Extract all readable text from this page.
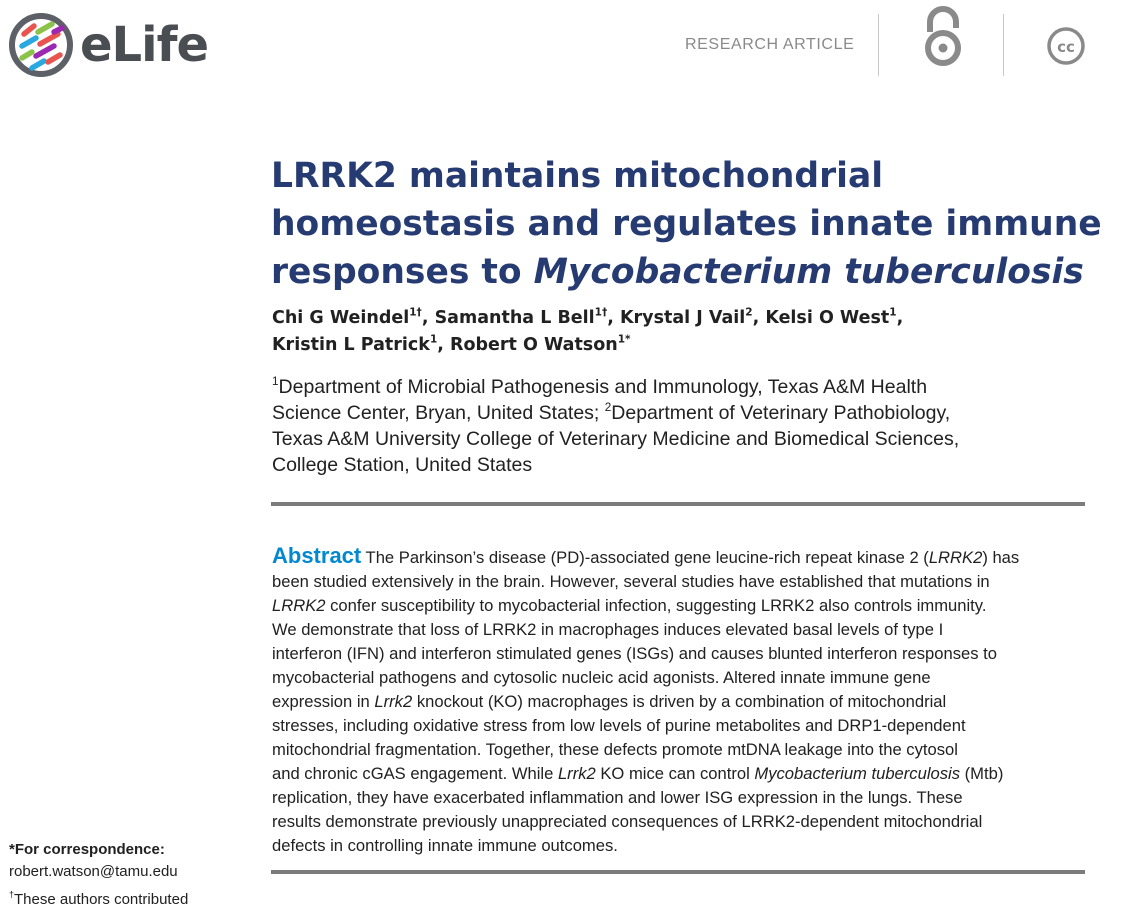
eLife	RESEARCH ARTICLE	cc
LRRK2 maintains mitochondrial
homeostasis and regulates innate immune
responses to Mycobacterium tuberculosis
Chi G Weindel$^{1\dagger}$, Samantha L Bell$^{1\dagger}$, Krystal J Vail$^2$, Kelsi O West$^1$,
Kristin L Patrick$^1$, Robert O Watson$^{1*}$
$^1$Department of Microbial Pathogenesis and Immunology, Texas A&M Health
Science Center, Bryan, United States; $^2$Department of Veterinary Pathobiology,
Texas A&M University College of Veterinary Medicine and Biomedical Sciences,
College Station, United States
Abstract The Parkinson’s disease (PD)-associated gene leucine-rich repeat kinase 2 (LRRK2) has
been studied extensively in the brain. However, several studies have established that mutations in
LRRK2 confer susceptibility to mycobacterial infection, suggesting LRRK2 also controls immunity.
We demonstrate that loss of LRRK2 in macrophages induces elevated basal levels of type I
interferon (IFN) and interferon stimulated genes (ISGs) and causes blunted interferon responses to
mycobacterial pathogens and cytosolic nucleic acid agonists. Altered innate immune gene
expression in Lrrk2 knockout (KO) macrophages is driven by a combination of mitochondrial
stresses, including oxidative stress from low levels of purine metabolites and DRP1-dependent
mitochondrial fragmentation. Together, these defects promote mtDNA leakage into the cytosol
and chronic cGAS engagement. While Lrrk2 KO mice can control Mycobacterium tuberculosis (Mtb)
replication, they have exacerbated inflammation and lower ISG expression in the lungs. These
results demonstrate previously unappreciated consequences of LRRK2-dependent mitochondrial
defects in controlling innate immune outcomes.
*For correspondence:
robert.watson@tamu.edu
†These authors contributed
